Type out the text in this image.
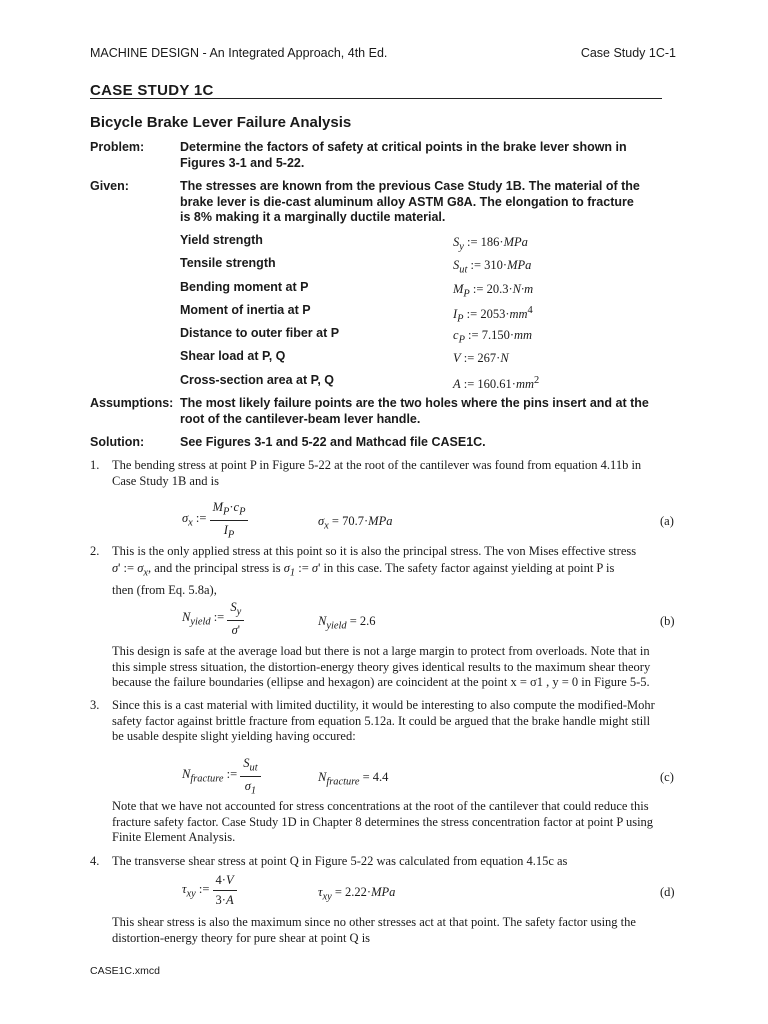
MACHINE DESIGN - An Integrated Approach, 4th Ed.	Case Study 1C-1
CASE STUDY 1C
Bicycle Brake Lever Failure Analysis
Problem:	Determine the factors of safety at critical points in the brake lever shown in
Figures 3-1 and 5-22.
Given:	The stresses are known from the previous Case Study 1B. The material of the
brake lever is die-cast aluminum alloy ASTM G8A. The elongation to fracture
is 8% making it a marginally ductile material.
Yield strength	$S_y$ := 186·MPa
Tensile strength	$S_{ut}$ := 310·MPa
Bending moment at P	$M_P$ := 20.3·N·m
Moment of inertia at P	$I_P$ := $2053\cdot mm^4$
Distance to outer fiber at P	$c_P$ := 7.150·mm
Shear load at P, Q	V := 267·N
Cross-section area at P, Q	A := $160.61\cdot mm^2$
Assumptions: The most likely failure points are the two holes where the pins insert and at the
root of the cantilever-beam lever handle.
Solution:	See Figures 3-1 and 5-22 and Mathcad file CASE1C.
1. The bending stress at point P in Figure 5-22 at the root of the cantilever was found from equation 4.11b in
Case Study 1B and is
$\sigma_x$ := $\frac{M_P\cdot c_P}{I_P}$	$\sigma_x = 70.7\cdot MPa$	(a)
2. This is the only applied stress at this point so it is also the principal stress. The von Mises effective stress
σ' := $\sigma_x$, and the principal stress is $\sigma_1$ := σ' in this case. The safety factor against yielding at point P is
then (from Eq. 5.8a),
$N_{yield}$ := $\frac{S_y}{\sigma'}$	$N_{yield} = 2.6$	(b)
This design is safe at the average load but there is not a large margin to protect from overloads. Note that in
this simple stress situation, the distortion-energy theory gives identical results to the maximum shear theory
because the failure boundaries (ellipse and hexagon) are coincident at the point x = σ1 , y = 0 in Figure 5-5.
3. Since this is a cast material with limited ductility, it would be interesting to also compute the modified-Mohr
safety factor against brittle fracture from equation 5.12a. It could be argued that the brake handle might still
be usable despite slight yielding having occured:
$N_{fracture}$ := $\frac{S_{ut}}{\sigma_1}$	$N_{fracture} = 4.4$	(c)
Note that we have not accounted for stress concentrations at the root of the cantilever that could reduce this
fracture safety factor. Case Study 1D in Chapter 8 determines the stress concentration factor at point P using
Finite Element Analysis.
4. The transverse shear stress at point Q in Figure 5-22 was calculated from equation 4.15c as
$\tau_{xy}$ := $\frac{4\cdot V}{3\cdot A}$	$\tau_{xy} = 2.22\cdot MPa$	(d)
This shear stress is also the maximum since no other stresses act at that point. The safety factor using the
distortion-energy theory for pure shear at point Q is
CASE1C.xmcd
